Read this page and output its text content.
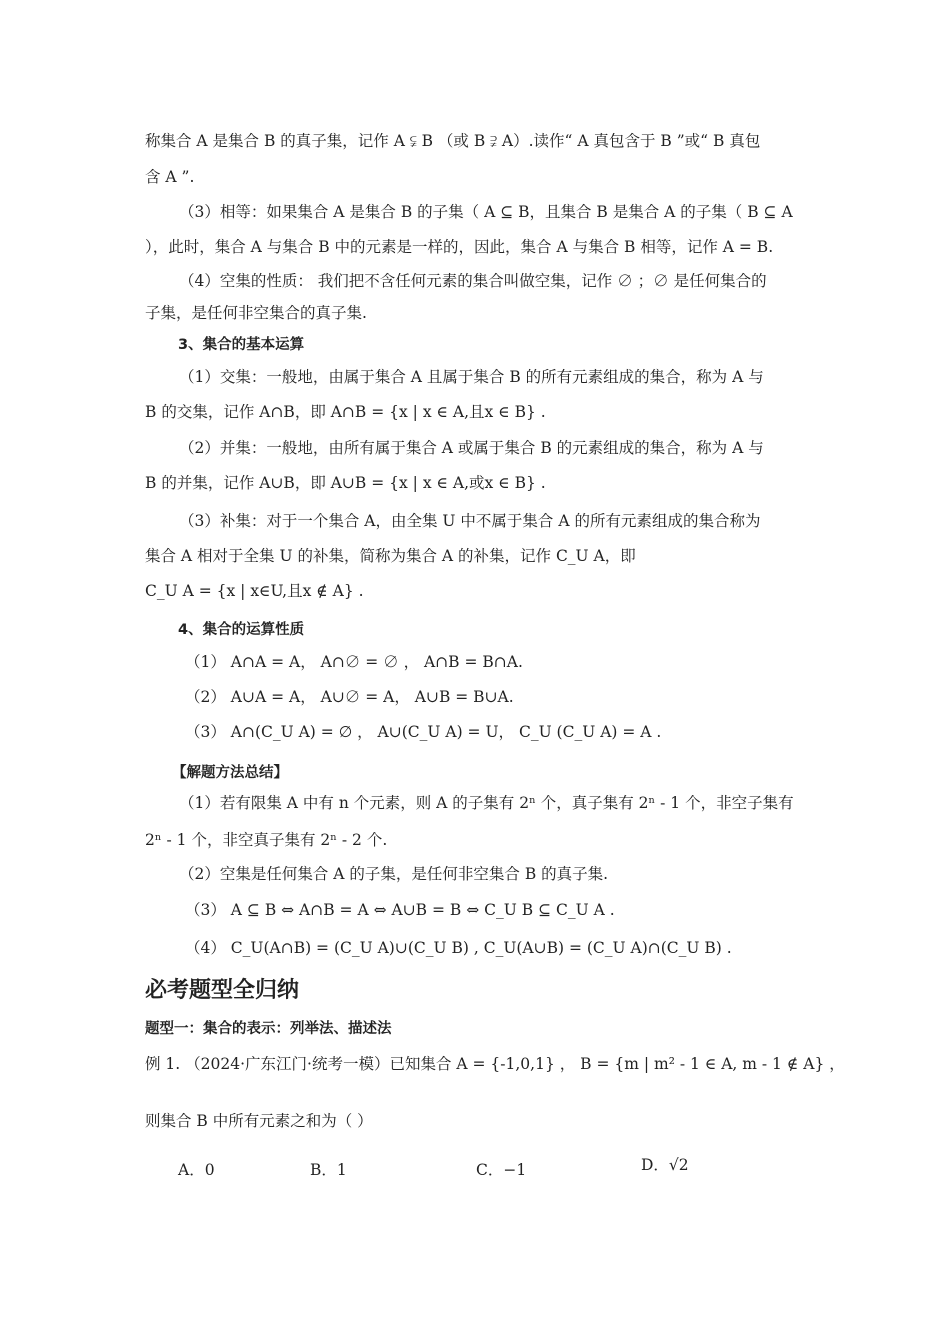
称集合 A 是集合 B 的真子集，记作 A ⫋ B （或 B ⫌ A）.读作“ A 真包含于 B ”或“ B 真包
含 A ”.
（3）相等：如果集合 A 是集合 B 的子集（ A ⊆ B，且集合 B 是集合 A 的子集（ B ⊆ A
），此时，集合 A 与集合 B 中的元素是一样的，因此，集合 A 与集合 B 相等，记作 A = B.
（4）空集的性质： 我们把不含任何元素的集合叫做空集，记作 ∅ ；∅ 是任何集合的
子集，是任何非空集合的真子集.
3、集合的基本运算
（1）交集：一般地，由属于集合 A 且属于集合 B 的所有元素组成的集合，称为 A 与
B 的交集，记作 A∩B，即 A∩B = {x | x ∈ A,且x ∈ B} .
（2）并集：一般地，由所有属于集合 A 或属于集合 B 的元素组成的集合，称为 A 与
B 的并集，记作 A∪B，即 A∪B = {x | x ∈ A,或x ∈ B} .
（3）补集：对于一个集合 A，由全集 U 中不属于集合 A 的所有元素组成的集合称为
集合 A 相对于全集 U 的补集，简称为集合 A 的补集，记作 C_U A，即
C_U A = {x | x∈U,且x ∉ A} .
4、集合的运算性质
（1） A∩A = A， A∩∅ = ∅ ， A∩B = B∩A.
（2） A∪A = A， A∪∅ = A， A∪B = B∪A.
（3） A∩(C_U A) = ∅ ， A∪(C_U A) = U， C_U (C_U A) = A .
【解题方法总结】
（1）若有限集 A 中有 n 个元素，则 A 的子集有 2ⁿ 个，真子集有 2ⁿ - 1 个，非空子集有
2ⁿ - 1 个，非空真子集有 2ⁿ - 2 个.
（2）空集是任何集合 A 的子集，是任何非空集合 B 的真子集.
（3） A ⊆ B ⇔ A∩B = A ⇔ A∪B = B ⇔ C_U B ⊆ C_U A .
（4） C_U(A∩B) = (C_U A)∪(C_U B) , C_U(A∪B) = (C_U A)∩(C_U B) .
必考题型全归纳
题型一：集合的表示：列举法、描述法
例 1. （2024·广东江门·统考一模）已知集合 A = {-1,0,1} ， B = {m | m² - 1 ∈ A, m - 1 ∉ A} ，
则集合 B 中所有元素之和为（ ）
A．0	B．1	C．−1	D．√2
